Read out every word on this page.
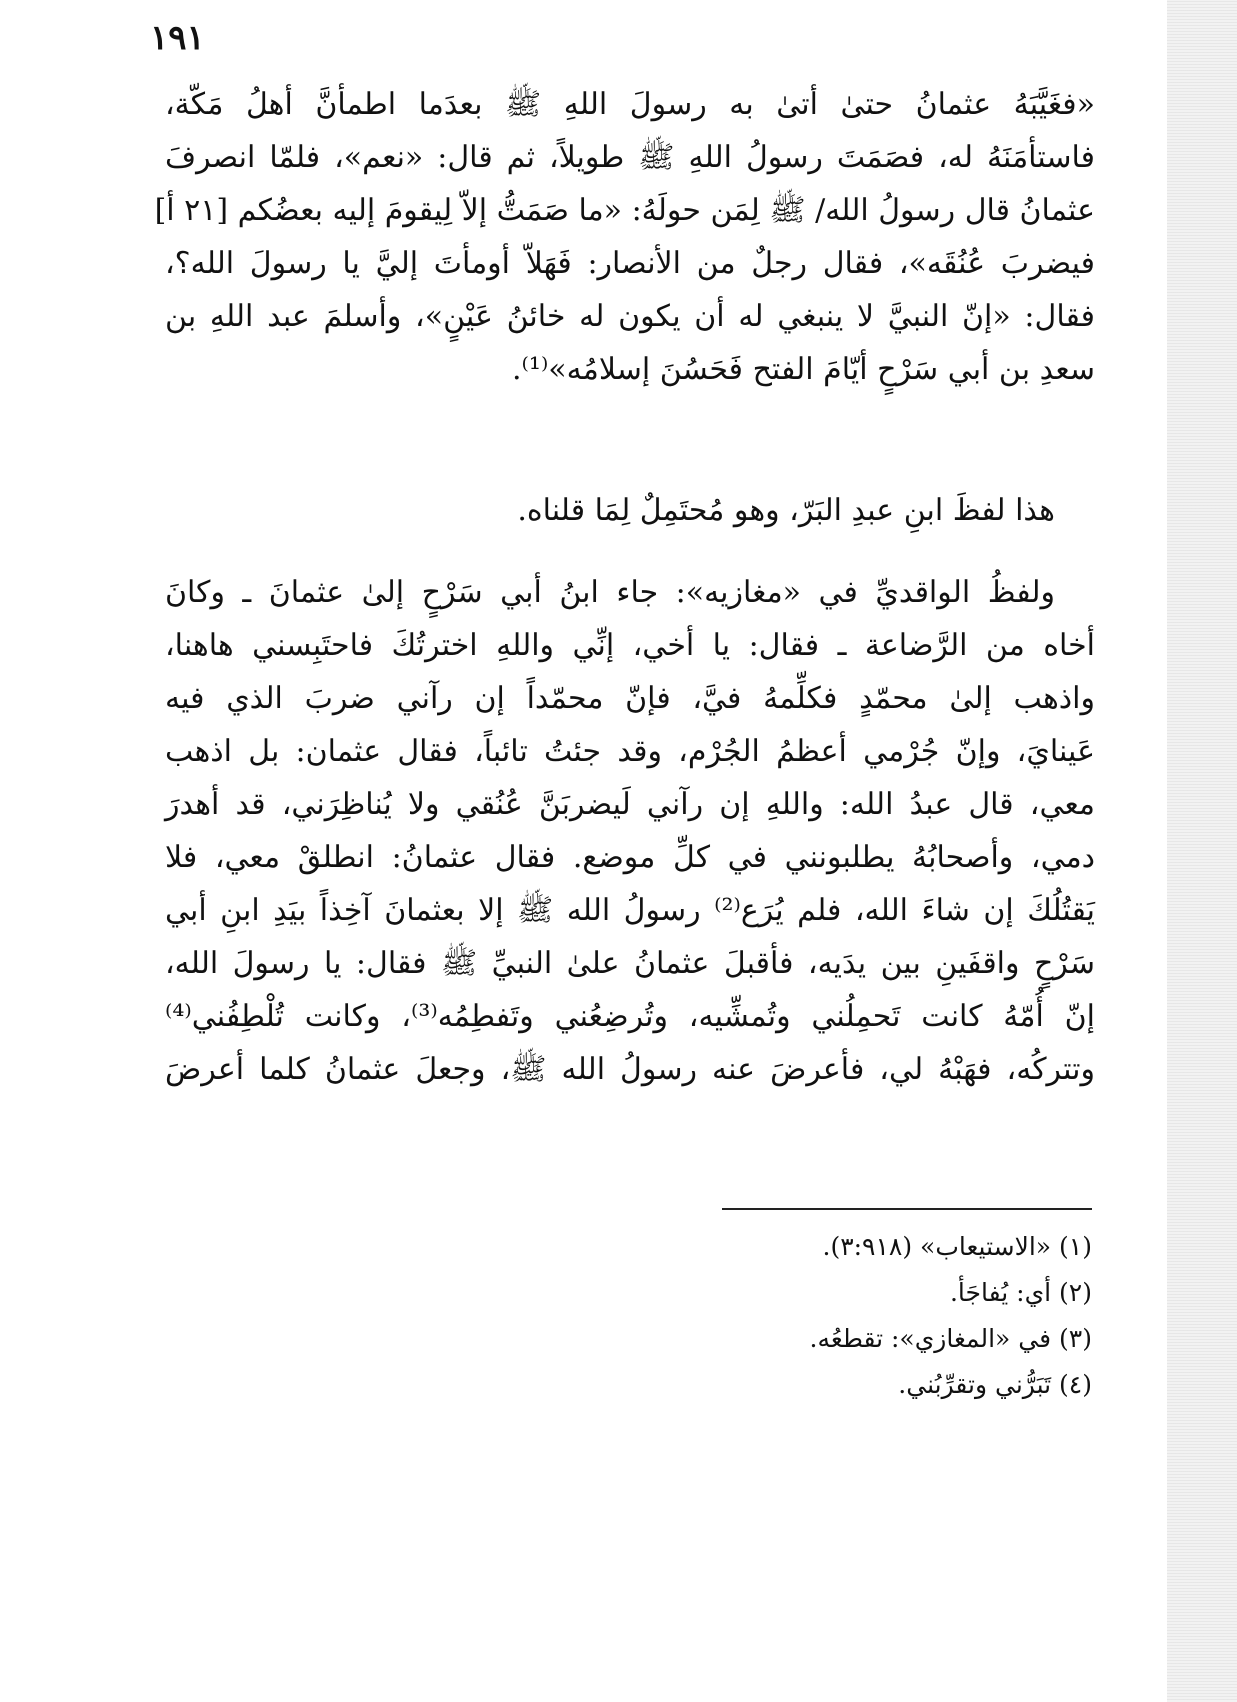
١٩١
«فغَيَّبَهُ عثمانُ حتىٰ أتىٰ به رسولَ اللهِ ﷺ بعدَما اطمأنَّ أهلُ مَكّة،
فاستأمَنَهُ له، فصَمَتَ رسولُ اللهِ ﷺ طويلاً، ثم قال: «نعم»، فلمّا انصرفَ
عثمانُ قال رسولُ الله/ ﷺ لِمَن حولَهُ: «ما صَمَتُّ إلاّ لِيقومَ إليه بعضُكم [٢١ أ]
فيضربَ عُنُقَه»، فقال رجلٌ من الأنصار: فَهَلاّ أومأتَ إليَّ يا رسولَ الله؟،
فقال: «إنّ النبيَّ لا ينبغي له أن يكون له خائنُ عَيْنٍ»، وأسلمَ عبد اللهِ بن
سعدِ بن أبي سَرْحٍ أيّامَ الفتح فَحَسُنَ إسلامُه»⁽¹⁾.
هذا لفظَ ابنِ عبدِ البَرّ، وهو مُحتَمِلٌ لِمَا قلناه.
ولفظُ الواقديِّ في «مغازيه»: جاء ابنُ أبي سَرْحٍ إلىٰ عثمانَ ـ وكانَ
أخاه من الرَّضاعة ـ فقال: يا أخي، إنِّي واللهِ اخترتُكَ فاحتَبِسني هاهنا،
واذهب إلىٰ محمّدٍ فكلِّمهُ فيَّ، فإنّ محمّداً إن رآني ضربَ الذي فيه
عَينايَ، وإنّ جُرْمي أعظمُ الجُرْم، وقد جئتُ تائباً، فقال عثمان: بل اذهب
معي، قال عبدُ الله: واللهِ إن رآني لَيضربَنَّ عُنُقي ولا يُناظِرَني، قد أهدرَ
دمي، وأصحابُهُ يطلبونني في كلِّ موضع. فقال عثمانُ: انطلقْ معي، فلا
يَقتُلُكَ إن شاءَ الله، فلم يُرَع⁽²⁾ رسولُ الله ﷺ إلا بعثمانَ آخِذاً بيَدِ ابنِ أبي
سَرْحٍ واقفَينِ بين يدَيه، فأقبلَ عثمانُ علىٰ النبيِّ ﷺ فقال: يا رسولَ الله،
إنّ أُمّهُ كانت تَحمِلُني وتُمشِّيه، وتُرضِعُني وتَفطِمُه⁽³⁾، وكانت تُلْطِفُني⁽⁴⁾
وتتركُه، فهَبْهُ لي، فأعرضَ عنه رسولُ الله ﷺ، وجعلَ عثمانُ كلما أعرضَ
(١) «الاستيعاب» (٣:٩١٨).
(٢) أي: يُفاجَأ.
(٣) في «المغازي»: تقطعُه.
(٤) تَبَرُّني وتقرِّبُني.
